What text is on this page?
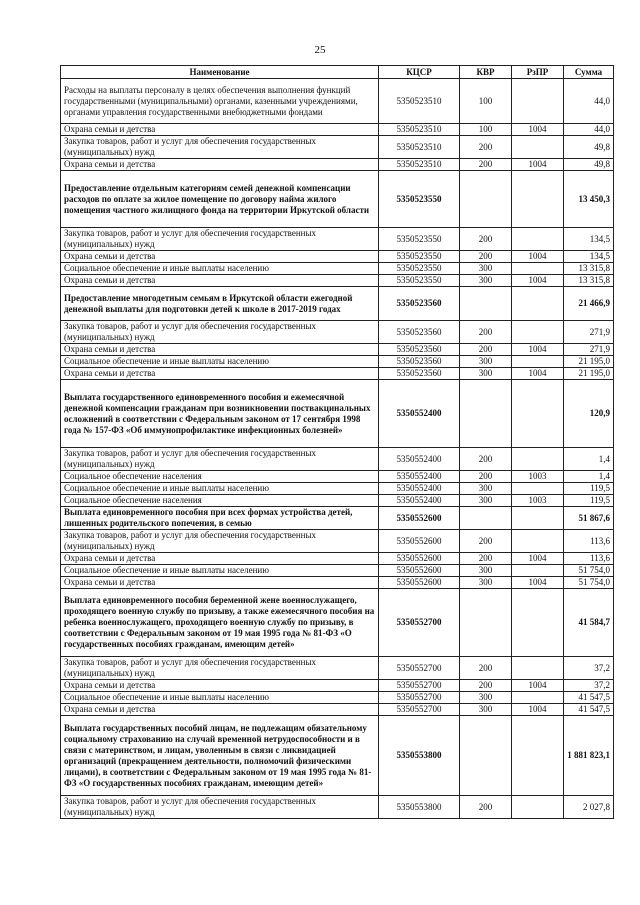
25
Наименование	КЦСР	КВР	РзПР	Сумма
Расходы на выплаты персоналу в целях обеспечения выполнения функций государственными (муниципальными) органами, казенными учреждениями, органами управления государственными внебюджетными фондами	5350523510	100		44,0
Охрана семьи и детства	5350523510	100	1004	44,0
Закупка товаров, работ и услуг для обеспечения государственных (муниципальных) нужд	5350523510	200		49,8
Охрана семьи и детства	5350523510	200	1004	49,8
Предоставление отдельным категориям семей денежной компенсации расходов по оплате за жилое помещение по договору найма жилого помещения частного жилищного фонда на территории Иркутской области	5350523550			13 450,3
Закупка товаров, работ и услуг для обеспечения государственных (муниципальных) нужд	5350523550	200		134,5
Охрана семьи и детства	5350523550	200	1004	134,5
Социальное обеспечение и иные выплаты населению	5350523550	300		13 315,8
Охрана семьи и детства	5350523550	300	1004	13 315,8
Предоставление многодетным семьям в Иркутской области ежегодной денежной выплаты для подготовки детей к школе в 2017-2019 годах	5350523560			21 466,9
Закупка товаров, работ и услуг для обеспечения государственных (муниципальных) нужд	5350523560	200		271,9
Охрана семьи и детства	5350523560	200	1004	271,9
Социальное обеспечение и иные выплаты населению	5350523560	300		21 195,0
Охрана семьи и детства	5350523560	300	1004	21 195,0
Выплата государственного единовременного пособия и ежемесячной денежной компенсации гражданам при возникновении поствакцинальных осложнений в соответствии с Федеральным законом от 17 сентября 1998 года № 157-ФЗ «Об иммунопрофилактике инфекционных болезней»	5350552400			120,9
Закупка товаров, работ и услуг для обеспечения государственных (муниципальных) нужд	5350552400	200		1,4
Социальное обеспечение населения	5350552400	200	1003	1,4
Социальное обеспечение и иные выплаты населению	5350552400	300		119,5
Социальное обеспечение населения	5350552400	300	1003	119,5
Выплата единовременного пособия при всех формах устройства детей, лишенных родительского попечения, в семью	5350552600			51 867,6
Закупка товаров, работ и услуг для обеспечения государственных (муниципальных) нужд	5350552600	200		113,6
Охрана семьи и детства	5350552600	200	1004	113,6
Социальное обеспечение и иные выплаты населению	5350552600	300		51 754,0
Охрана семьи и детства	5350552600	300	1004	51 754,0
Выплата единовременного пособия беременной жене военнослужащего, проходящего военную службу по призыву, а также ежемесячного пособия на ребенка военнослужащего, проходящего военную службу по призыву, в соответствии с Федеральным законом от 19 мая 1995 года № 81-ФЗ «О государственных пособиях гражданам, имеющим детей»	5350552700			41 584,7
Закупка товаров, работ и услуг для обеспечения государственных (муниципальных) нужд	5350552700	200		37,2
Охрана семьи и детства	5350552700	200	1004	37,2
Социальное обеспечение и иные выплаты населению	5350552700	300		41 547,5
Охрана семьи и детства	5350552700	300	1004	41 547,5
Выплата государственных пособий лицам, не подлежащим обязательному социальному страхованию на случай временной нетрудоспособности и в связи с материнством, и лицам, уволенным в связи с ликвидацией организаций (прекращением деятельности, полномочий физическими лицами), в соответствии с Федеральным законом от 19 мая 1995 года № 81-ФЗ «О государственных пособиях гражданам, имеющим детей»	5350553800			1 881 823,1
Закупка товаров, работ и услуг для обеспечения государственных (муниципальных) нужд	5350553800	200		2 027,8
